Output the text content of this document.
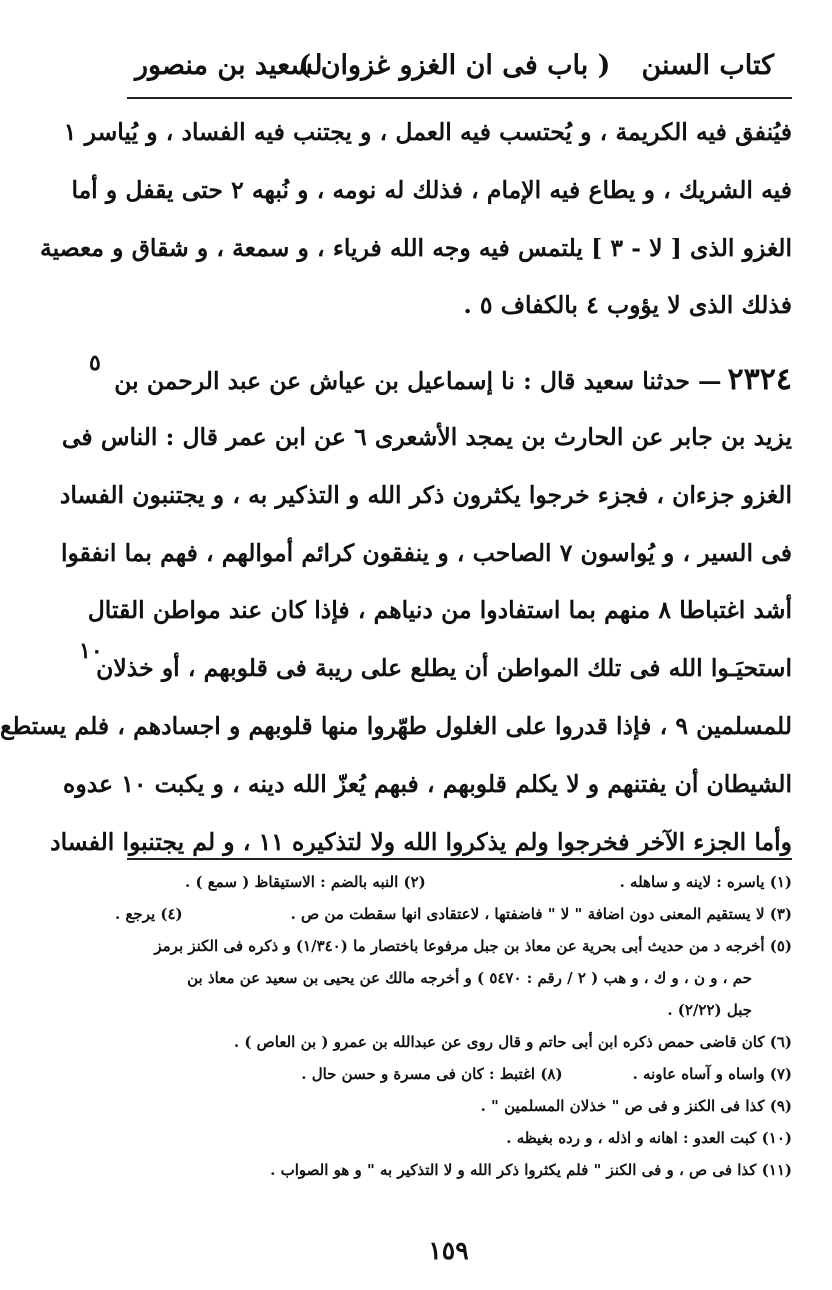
كتاب السنن
( باب فى ان الغزو غزوان )
لسعيد بن منصور
فيُنفق فيه الكريمة ، و يُحتسب فيه العمل ، و يجتنب فيه الفساد ، و يُياسر ١
فيه الشريك ، و يطاع فيه الإمام ، فذلك له نومه ، و نُبهه ٢ حتى يقفل و أما
الغزو الذى [ لا - ٣ ] يلتمس فيه وجه الله فرياء ، و سمعة ، و شقاق و معصية
فذلك الذى لا يؤوب ٤ بالكفاف ٥ .
٢٣٢٤— حدثنا سعيد قال : نا إسماعيل بن عياش عن عبد الرحمن بن
يزيد بن جابر عن الحارث بن يمجد الأشعرى ٦ عن ابن عمر قال : الناس فى
الغزو جزءان ، فجزء خرجوا يكثرون ذكر الله و التذكير به ، و يجتنبون الفساد
فى السير ، و يُواسون ٧ الصاحب ، و ينفقون كرائم أموالهم ، فهم بما انفقوا
أشد اغتباطا ٨ منهم بما استفادوا من دنياهم ، فإذا كان عند مواطن القتال
استحيَـوا الله فى تلك المواطن أن يطلع على ريبة فى قلوبهم ، أو خذلان
للمسلمين ٩ ، فإذا قدروا على الغلول طهّروا منها قلوبهم و اجسادهم ، فلم يستطع
الشيطان أن يفتنهم و لا يكلم قلوبهم ، فبهم يُعزّ الله دينه ، و يكبت ١٠ عدوه
وأما الجزء الآخر فخرجوا ولم يذكروا الله ولا لتذكيره ١١ ، و لم يجتنبوا الفساد
٥
١٠
(١) ياسره : لاينه و ساهله .
(٢) النبه بالضم : الاستيقاظ ( سمع ) .
(٣) لا يستقيم المعنى دون اضافة " لا " فاضفتها ، لاعتقادى انها سقطت من ص .
(٤) يرجع .
(٥) أخرجه د من حديث أبى بحرية عن معاذ بن جبل مرفوعا باختصار ما (١/٣٤٠) و ذكره فى الكنز برمز
حم ، و ن ، و ك ، و هب ( ٢ / رقم : ٥٤٧٠ ) و أخرجه مالك عن يحيى بن سعيد عن معاذ بن
جبل (٢/٢٢) .
(٦) كان قاضى حمص ذكره ابن أبى حاتم و قال روى عن عبدالله بن عمرو ( بن العاص ) .
(٧) واساه و آساه عاونه .
(٨) اغتبط : كان فى مسرة و حسن حال .
(٩) كذا فى الكنز و فى ص " خذلان المسلمين " .
(١٠) كبت العدو : اهانه و اذله ، و رده بغيظه .
(١١) كذا فى ص ، و فى الكنز " فلم يكثروا ذكر الله و لا التذكير به " و هو الصواب .
١٥٩
